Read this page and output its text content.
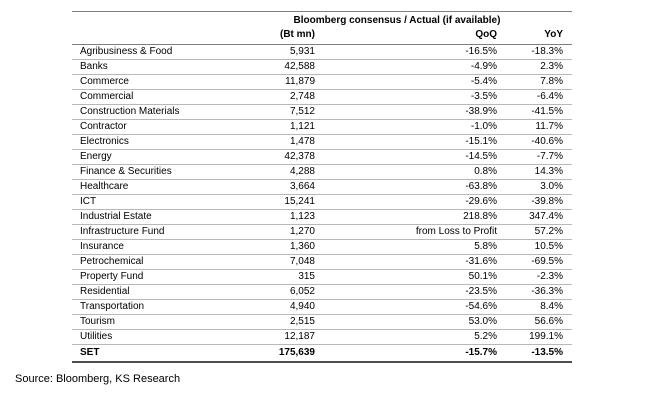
	Bloomberg consensus / Actual (if available)		
	(Bt mn)	QoQ	YoY
Agribusiness & Food	5,931	-16.5%	-18.3%
Banks	42,588	-4.9%	2.3%
Commerce	11,879	-5.4%	7.8%
Commercial	2,748	-3.5%	-6.4%
Construction Materials	7,512	-38.9%	-41.5%
Contractor	1,121	-1.0%	11.7%
Electronics	1,478	-15.1%	-40.6%
Energy	42,378	-14.5%	-7.7%
Finance & Securities	4,288	0.8%	14.3%
Healthcare	3,664	-63.8%	3.0%
ICT	15,241	-29.6%	-39.8%
Industrial Estate	1,123	218.8%	347.4%
Infrastructure Fund	1,270	from Loss to Profit	57.2%
Insurance	1,360	5.8%	10.5%
Petrochemical	7,048	-31.6%	-69.5%
Property Fund	315	50.1%	-2.3%
Residential	6,052	-23.5%	-36.3%
Transportation	4,940	-54.6%	8.4%
Tourism	2,515	53.0%	56.6%
Utilities	12,187	5.2%	199.1%
SET	175,639	-15.7%	-13.5%
Source: Bloomberg, KS Research
